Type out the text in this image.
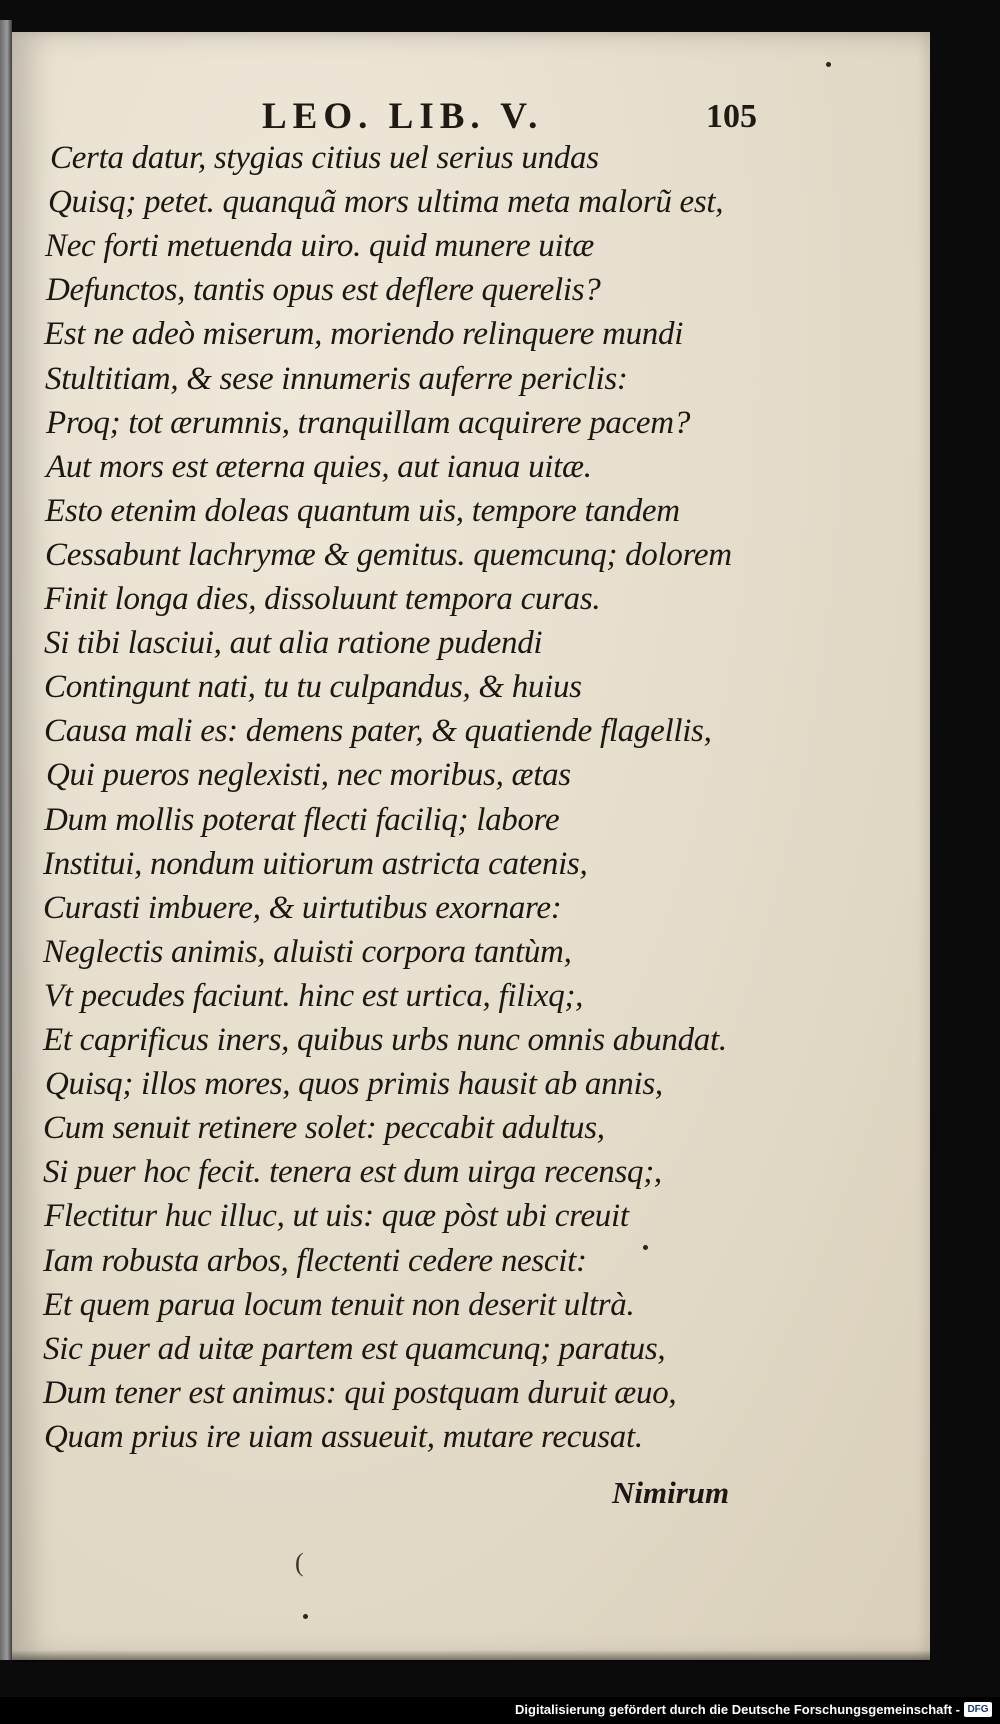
LEO. LIB. V.	105
Certa datur, stygias citius uel serius undas
Quisq; petet. quanquã mors ultima meta malorũ est,
Nec forti metuenda uiro. quid munere uitæ
Defunctos, tantis opus est deflere querelis?
Est ne adeò miserum, moriendo relinquere mundi
Stultitiam, & sese innumeris auferre periclis:
Proq; tot ærumnis, tranquillam acquirere pacem?
Aut mors est æterna quies, aut ianua uitæ.
Esto etenim doleas quantum uis, tempore tandem
Cessabunt lachrymæ & gemitus. quemcunq; dolorem
Finit longa dies, dissoluunt tempora curas.
Si tibi lasciui, aut alia ratione pudendi
Contingunt nati, tu tu culpandus, & huius
Causa mali es: demens pater, & quatiende flagellis,
Qui pueros neglexisti, nec moribus, ætas
Dum mollis poterat flecti faciliq; labore
Institui, nondum uitiorum astricta catenis,
Curasti imbuere, & uirtutibus exornare:
Neglectis animis, aluisti corpora tantùm,
Vt pecudes faciunt. hinc est urtica, filixq;,
Et caprificus iners, quibus urbs nunc omnis abundat.
Quisq; illos mores, quos primis hausit ab annis,
Cum senuit retinere solet: peccabit adultus,
Si puer hoc fecit. tenera est dum uirga recensq;,
Flectitur huc illuc, ut uis: quæ pòst ubi creuit
Iam robusta arbos, flectenti cedere nescit:
Et quem parua locum tenuit non deserit ultrà.
Sic puer ad uitæ partem est quamcunq; paratus,
Dum tener est animus: qui postquam duruit æuo,
Quam prius ire uiam assueuit, mutare recusat.
Nimirum
(
Digitalisierung gefördert durch die Deutsche Forschungsgemeinschaft - DFG
